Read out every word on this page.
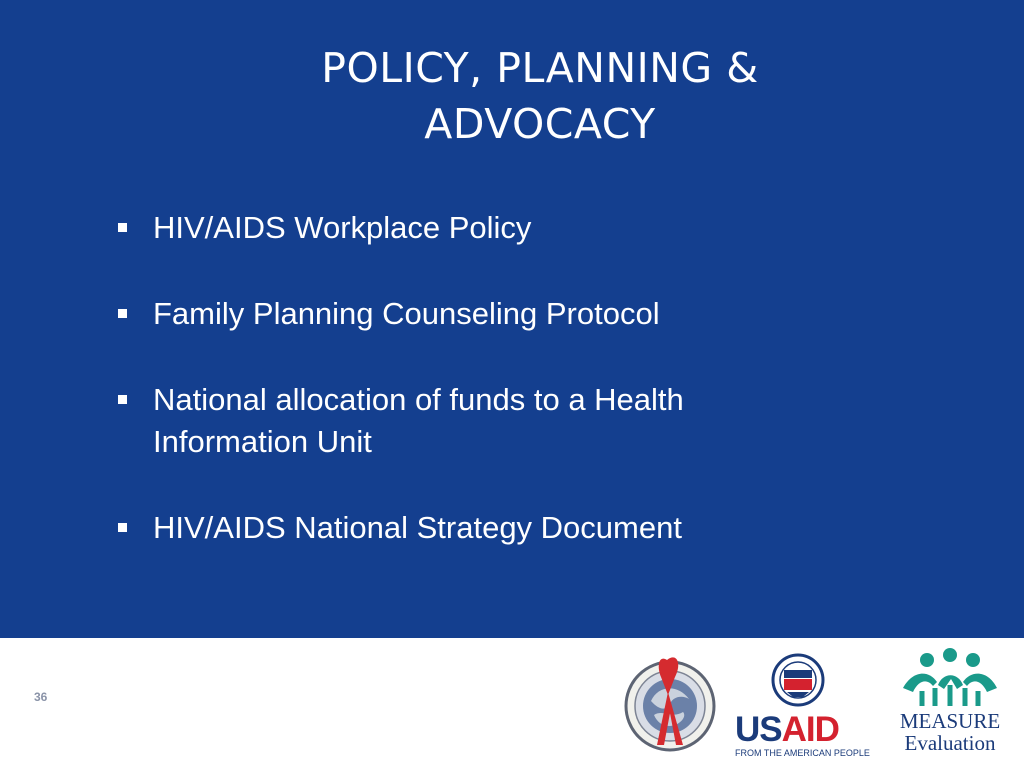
POLICY, PLANNING &
ADVOCACY
HIV/AIDS Workplace Policy
Family Planning Counseling Protocol
National allocation of funds to a Health Information Unit
HIV/AIDS National Strategy Document
36
USAID
FROM THE AMERICAN PEOPLE
MEASURE
Evaluation
